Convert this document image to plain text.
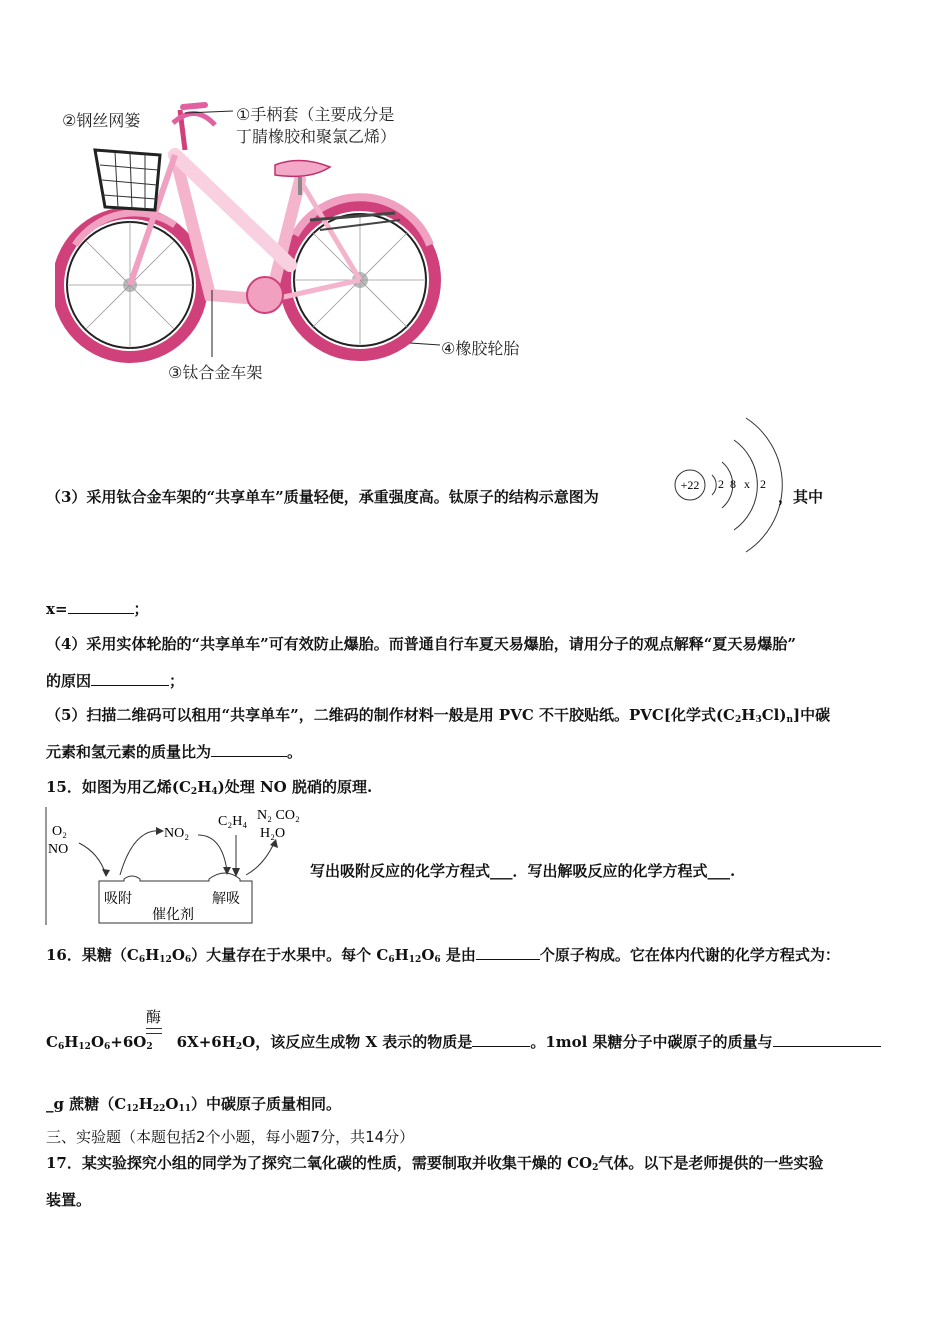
②钢丝网篓	①手柄套（主要成分是
丁腈橡胶和聚氯乙烯）
③钛合金车架
④橡胶轮胎
（3）采用钛合金车架的“共享单车”质量轻便，承重强度高。钛原子的结构示意图为
+22 2 8 x 2
，其中
x=	；
（4）采用实体轮胎的“共享单车”可有效防止爆胎。而普通自行车夏天易爆胎，请用分子的观点解释“夏天易爆胎”
的原因	；
（5）扫描二维码可以租用“共享单车”，二维码的制作材料一般是用 PVC 不干胶贴纸。PVC[化学式$(C_2H_3Cl)_n$]中碳
元素和氢元素的质量比为	。
15．如图为用乙烯$(C_2H_4)$处理 NO 脱硝的原理.
O₂
NO
NO₂
C₂H₄ N₂ CO₂
H₂O
吸附	解吸
催化剂
写出吸附反应的化学方程式___．写出解吸反应的化学方程式___.
16．果糖$(C_6H_{12}O_6)$大量存在于水果中。每个 $C_6H_{12}O_6$ 是由	个原子构成。它在体内代谢的化学方程式为：
酶
$C_6H_{12}O_6+6O_2$ $6X+6H_2O$，该反应生成物 X 表示的物质是	。1mol 果糖分子中碳原子的质量与
_g 蔗糖$(C_{12}H_{22}O_{11})$中碳原子质量相同。
三、实验题（本题包括2个小题，每小题7分，共14分）
17．某实验探究小组的同学为了探究二氧化碳的性质，需要制取并收集干燥的 $CO_2$气体。以下是老师提供的一些实验
装置。
